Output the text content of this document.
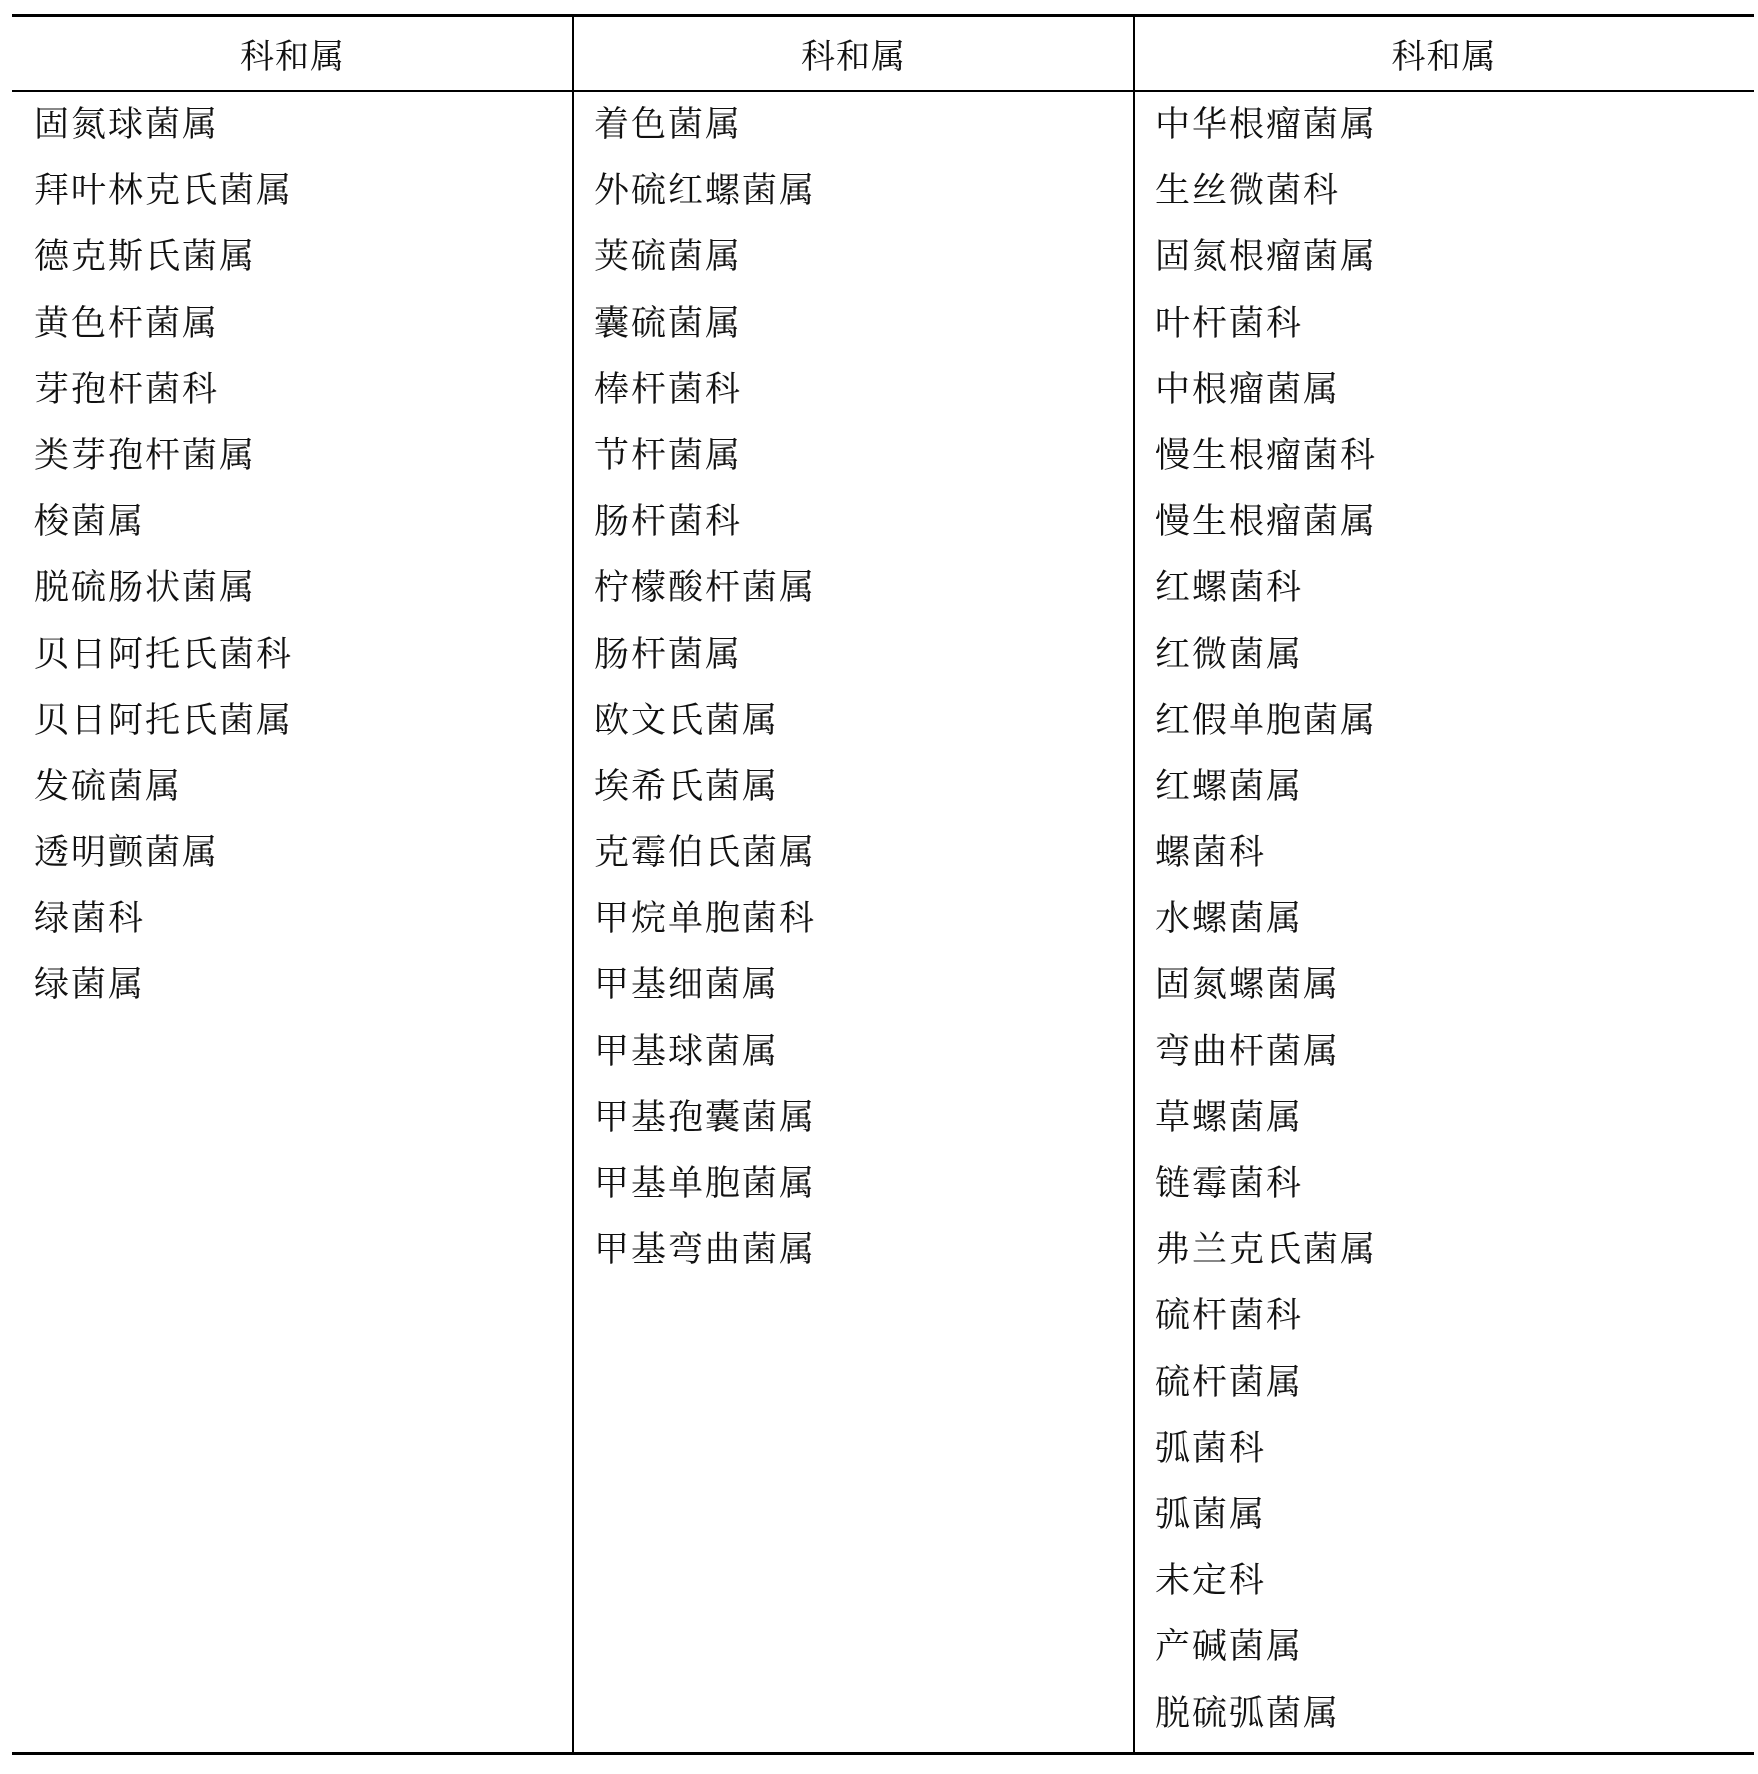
科和属	科和属	科和属
固氮球菌属
拜叶林克氏菌属
德克斯氏菌属
黄色杆菌属
芽孢杆菌科
类芽孢杆菌属
梭菌属
脱硫肠状菌属
贝日阿托氏菌科
贝日阿托氏菌属
发硫菌属
透明颤菌属
绿菌科
绿菌属
着色菌属
外硫红螺菌属
荚硫菌属
囊硫菌属
棒杆菌科
节杆菌属
肠杆菌科
柠檬酸杆菌属
肠杆菌属
欧文氏菌属
埃希氏菌属
克霉伯氏菌属
甲烷单胞菌科
甲基细菌属
甲基球菌属
甲基孢囊菌属
甲基单胞菌属
甲基弯曲菌属
中华根瘤菌属
生丝微菌科
固氮根瘤菌属
叶杆菌科
中根瘤菌属
慢生根瘤菌科
慢生根瘤菌属
红螺菌科
红微菌属
红假单胞菌属
红螺菌属
螺菌科
水螺菌属
固氮螺菌属
弯曲杆菌属
草螺菌属
链霉菌科
弗兰克氏菌属
硫杆菌科
硫杆菌属
弧菌科
弧菌属
未定科
产碱菌属
脱硫弧菌属
